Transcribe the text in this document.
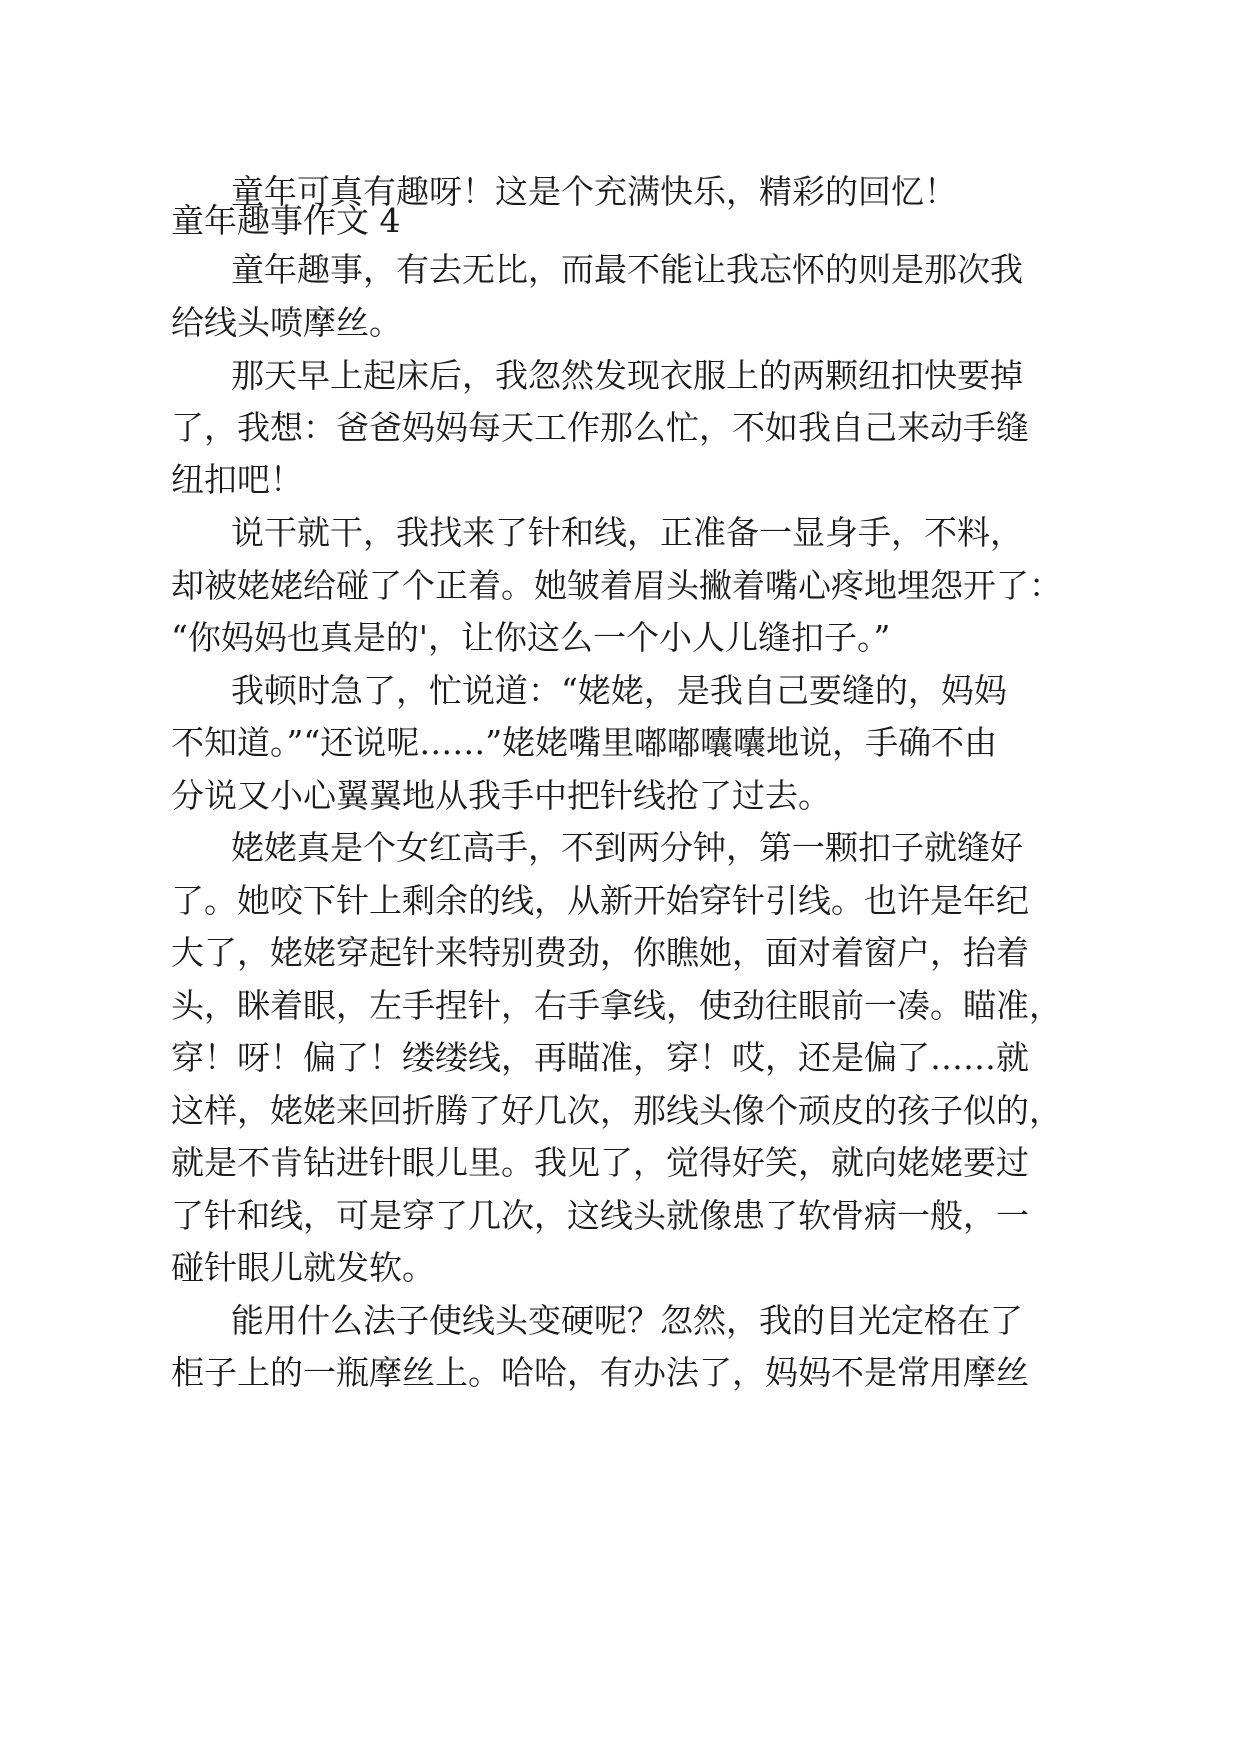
童年可真有趣呀！这是个充满快乐，精彩的回忆！
童年趣事作文 4
童年趣事，有去无比，而最不能让我忘怀的则是那次我
给线头喷摩丝。
那天早上起床后，我忽然发现衣服上的两颗纽扣快要掉
了，我想：爸爸妈妈每天工作那么忙，不如我自己来动手缝
纽扣吧！
说干就干，我找来了针和线，正准备一显身手，不料，
却被姥姥给碰了个正着。她皱着眉头撇着嘴心疼地埋怨开了：
“你妈妈也真是的'，让你这么一个小人儿缝扣子。”
我顿时急了，忙说道：“姥姥，是我自己要缝的，妈妈
不知道。”“还说呢……”姥姥嘴里嘟嘟囔囔地说，手确不由
分说又小心翼翼地从我手中把针线抢了过去。
姥姥真是个女红高手，不到两分钟，第一颗扣子就缝好
了。她咬下针上剩余的线，从新开始穿针引线。也许是年纪
大了，姥姥穿起针来特别费劲，你瞧她，面对着窗户，抬着
头，眯着眼，左手捏针，右手拿线，使劲往眼前一凑。瞄准，
穿！呀！偏了！缕缕线，再瞄准，穿！哎，还是偏了……就
这样，姥姥来回折腾了好几次，那线头像个顽皮的孩子似的，
就是不肯钻进针眼儿里。我见了，觉得好笑，就向姥姥要过
了针和线，可是穿了几次，这线头就像患了软骨病一般，一
碰针眼儿就发软。
能用什么法子使线头变硬呢？忽然，我的目光定格在了
柜子上的一瓶摩丝上。哈哈，有办法了，妈妈不是常用摩丝
